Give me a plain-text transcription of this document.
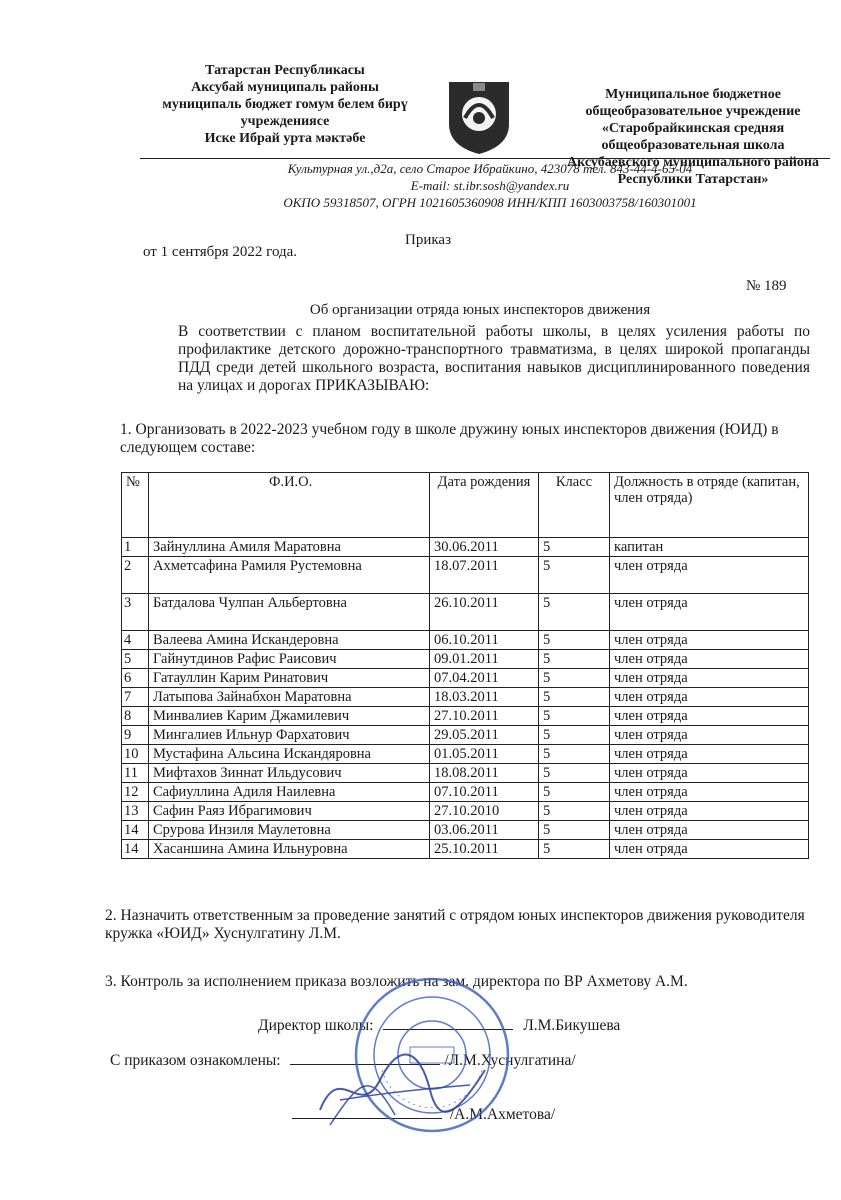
Татарстан Республикасы
Аксубай муниципаль районы
муниципаль бюджет гомум белем бирү
учреждениясе
Иске Ибрай урта мәктәбе
Муниципальное бюджетное
общеобразовательное учреждение
«Старобрайкинская средняя
общеобразовательная школа
Аксубаевского муниципального района
Республики Татарстан»
Культурная ул.,д2а, село Старое Ибрайкино, 423078 тел. 843-44-4-65-04
E-mail: st.ibr.sosh@yandex.ru
ОКПО 59318507, ОГРН 1021605360908 ИНН/КПП 1603003758/160301001
Приказ
от 1 сентября 2022 года.
№ 189
Об организации отряда юных инспекторов движения
В соответствии с планом воспитательной работы школы, в целях усиления работы по профилактике детского дорожно-транспортного травматизма, в целях широкой пропаганды ПДД среди детей школьного возраста, воспитания навыков дисциплинированного поведения на улицах и дорогах ПРИКАЗЫВАЮ:
1. Организовать в 2022-2023 учебном году в школе дружину юных инспекторов движения (ЮИД) в следующем составе:
№	Ф.И.О.	Дата рождения	Класс	Должность в отряде (капитан, член отряда)
1	Зайнуллина Амиля Маратовна	30.06.2011	5	капитан
2	Ахметсафина Рамиля Рустемовна	18.07.2011	5	член отряда
3	Батдалова Чулпан Альбертовна	26.10.2011	5	член отряда
4	Валеева Амина Искандеровна	06.10.2011	5	член отряда
5	Гайнутдинов Рафис Раисович	09.01.2011	5	член отряда
6	Гатауллин Карим Ринатович	07.04.2011	5	член отряда
7	Латыпова Зайнабхон Маратовна	18.03.2011	5	член отряда
8	Минвалиев Карим Джамилевич	27.10.2011	5	член отряда
9	Мингалиев Ильнур Фархатович	29.05.2011	5	член отряда
10	Мустафина Альсина Искандяровна	01.05.2011	5	член отряда
11	Мифтахов Зиннат Ильдусович	18.08.2011	5	член отряда
12	Сафиуллина Адиля Наилевна	07.10.2011	5	член отряда
13	Сафин Раяз Ибрагимович	27.10.2010	5	член отряда
14	Срурова Инзиля Маулетовна	03.06.2011	5	член отряда
14	Хасаншина Амина Ильнуровна	25.10.2011	5	член отряда
2. Назначить ответственным за проведение занятий с отрядом юных инспекторов движения руководителя кружка «ЮИД» Хуснулгатину Л.М.
3. Контроль за исполнением приказа возложить на зам. директора по ВР Ахметову А.М.
Директор школы:	Л.М.Бикушева
С приказом ознакомлены:	/Л.М.Хуснулгатина/
/А.М.Ахметова/
